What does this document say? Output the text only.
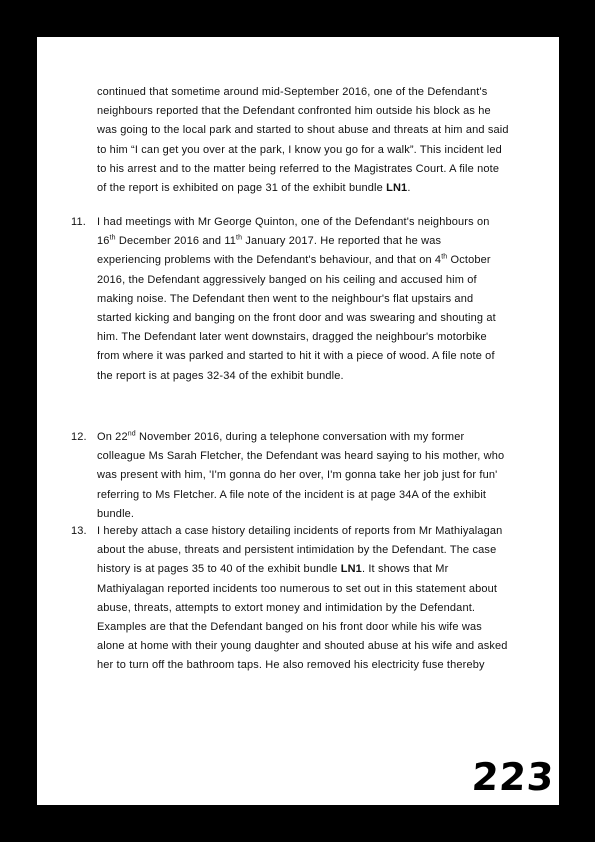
continued that sometime around mid-September 2016, one of the Defendant's
neighbours reported that the Defendant confronted him outside his block as he
was going to the local park and started to shout abuse and threats at him and said
to him “I can get you over at the park, I know you go for a walk”. This incident led
to his arrest and to the matter being referred to the Magistrates Court. A file note
of the report is exhibited on page 31 of the exhibit bundle LN1.
11. I had meetings with Mr George Quinton, one of the Defendant's neighbours on
16th December 2016 and 11th January 2017. He reported that he was
experiencing problems with the Defendant's behaviour, and that on 4th October
2016, the Defendant aggressively banged on his ceiling and accused him of
making noise. The Defendant then went to the neighbour's flat upstairs and
started kicking and banging on the front door and was swearing and shouting at
him. The Defendant later went downstairs, dragged the neighbour's motorbike
from where it was parked and started to hit it with a piece of wood. A file note of
the report is at pages 32-34 of the exhibit bundle.
12. On 22nd November 2016, during a telephone conversation with my former
colleague Ms Sarah Fletcher, the Defendant was heard saying to his mother, who
was present with him, 'I'm gonna do her over, I'm gonna take her job just for fun'
referring to Ms Fletcher. A file note of the incident is at page 34A of the exhibit
bundle.
13. I hereby attach a case history detailing incidents of reports from Mr Mathiyalagan
about the abuse, threats and persistent intimidation by the Defendant. The case
history is at pages 35 to 40 of the exhibit bundle LN1. It shows that Mr
Mathiyalagan reported incidents too numerous to set out in this statement about
abuse, threats, attempts to extort money and intimidation by the Defendant.
Examples are that the Defendant banged on his front door while his wife was
alone at home with their young daughter and shouted abuse at his wife and asked
her to turn off the bathroom taps. He also removed his electricity fuse thereby
223
